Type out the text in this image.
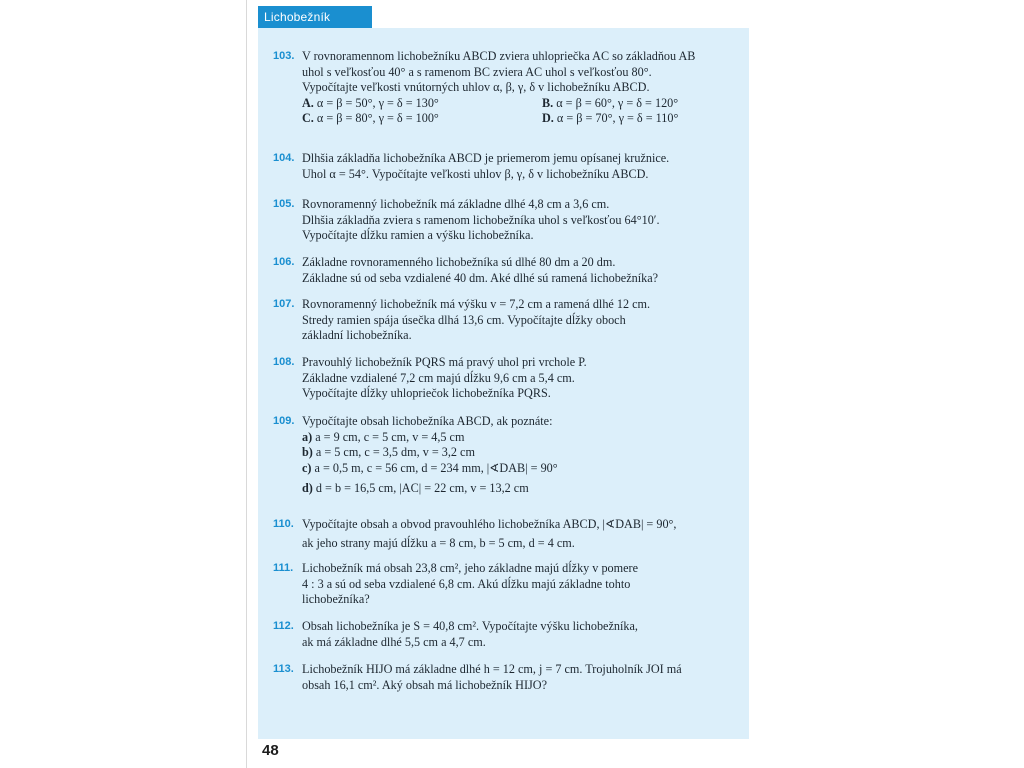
Lichobežník
103. V rovnoramennom lichobežníku ABCD zviera uhlopriečka AC so základňou AB
uhol s veľkosťou 40° a s ramenom BC zviera AC uhol s veľkosťou 80°.
Vypočítajte veľkosti vnútorných uhlov α, β, γ, δ v lichobežníku ABCD.
A. α = β = 50°, γ = δ = 130°	B. α = β = 60°, γ = δ = 120°
C. α = β = 80°, γ = δ = 100°	D. α = β = 70°, γ = δ = 110°
104. Dlhšia základňa lichobežníka ABCD je priemerom jemu opísanej kružnice.
Uhol α = 54°. Vypočítajte veľkosti uhlov β, γ, δ v lichobežníku ABCD.
105. Rovnoramenný lichobežník má základne dlhé 4,8 cm a 3,6 cm.
Dlhšia základňa zviera s ramenom lichobežníka uhol s veľkosťou 64°10′.
Vypočítajte dĺžku ramien a výšku lichobežníka.
106. Základne rovnoramenného lichobežníka sú dlhé 80 dm a 20 dm.
Základne sú od seba vzdialené 40 dm. Aké dlhé sú ramená lichobežníka?
107. Rovnoramenný lichobežník má výšku v = 7,2 cm a ramená dlhé 12 cm.
Stredy ramien spája úsečka dlhá 13,6 cm. Vypočítajte dĺžky oboch
základní lichobežníka.
108. Pravouhlý lichobežník PQRS má pravý uhol pri vrchole P.
Základne vzdialené 7,2 cm majú dĺžku 9,6 cm a 5,4 cm.
Vypočítajte dĺžky uhlopriečok lichobežníka PQRS.
109. Vypočítajte obsah lichobežníka ABCD, ak poznáte:
a) a = 9 cm, c = 5 cm, v = 4,5 cm
b) a = 5 cm, c = 3,5 dm, v = 3,2 cm
c) a = 0,5 m, c = 56 cm, d = 234 mm, |∢DAB| = 90°
d) d = b = 16,5 cm, |AC| = 22 cm, v = 13,2 cm
110. Vypočítajte obsah a obvod pravouhlého lichobežníka ABCD, |∢DAB| = 90°,
ak jeho strany majú dĺžku a = 8 cm, b = 5 cm, d = 4 cm.
111. Lichobežník má obsah 23,8 cm², jeho základne majú dĺžky v pomere
4 : 3 a sú od seba vzdialené 6,8 cm. Akú dĺžku majú základne tohto
lichobežníka?
112. Obsah lichobežníka je S = 40,8 cm². Vypočítajte výšku lichobežníka,
ak má základne dlhé 5,5 cm a 4,7 cm.
113. Lichobežník HIJO má základne dlhé h = 12 cm, j = 7 cm. Trojuholník JOI má
obsah 16,1 cm². Aký obsah má lichobežník HIJO?
48
